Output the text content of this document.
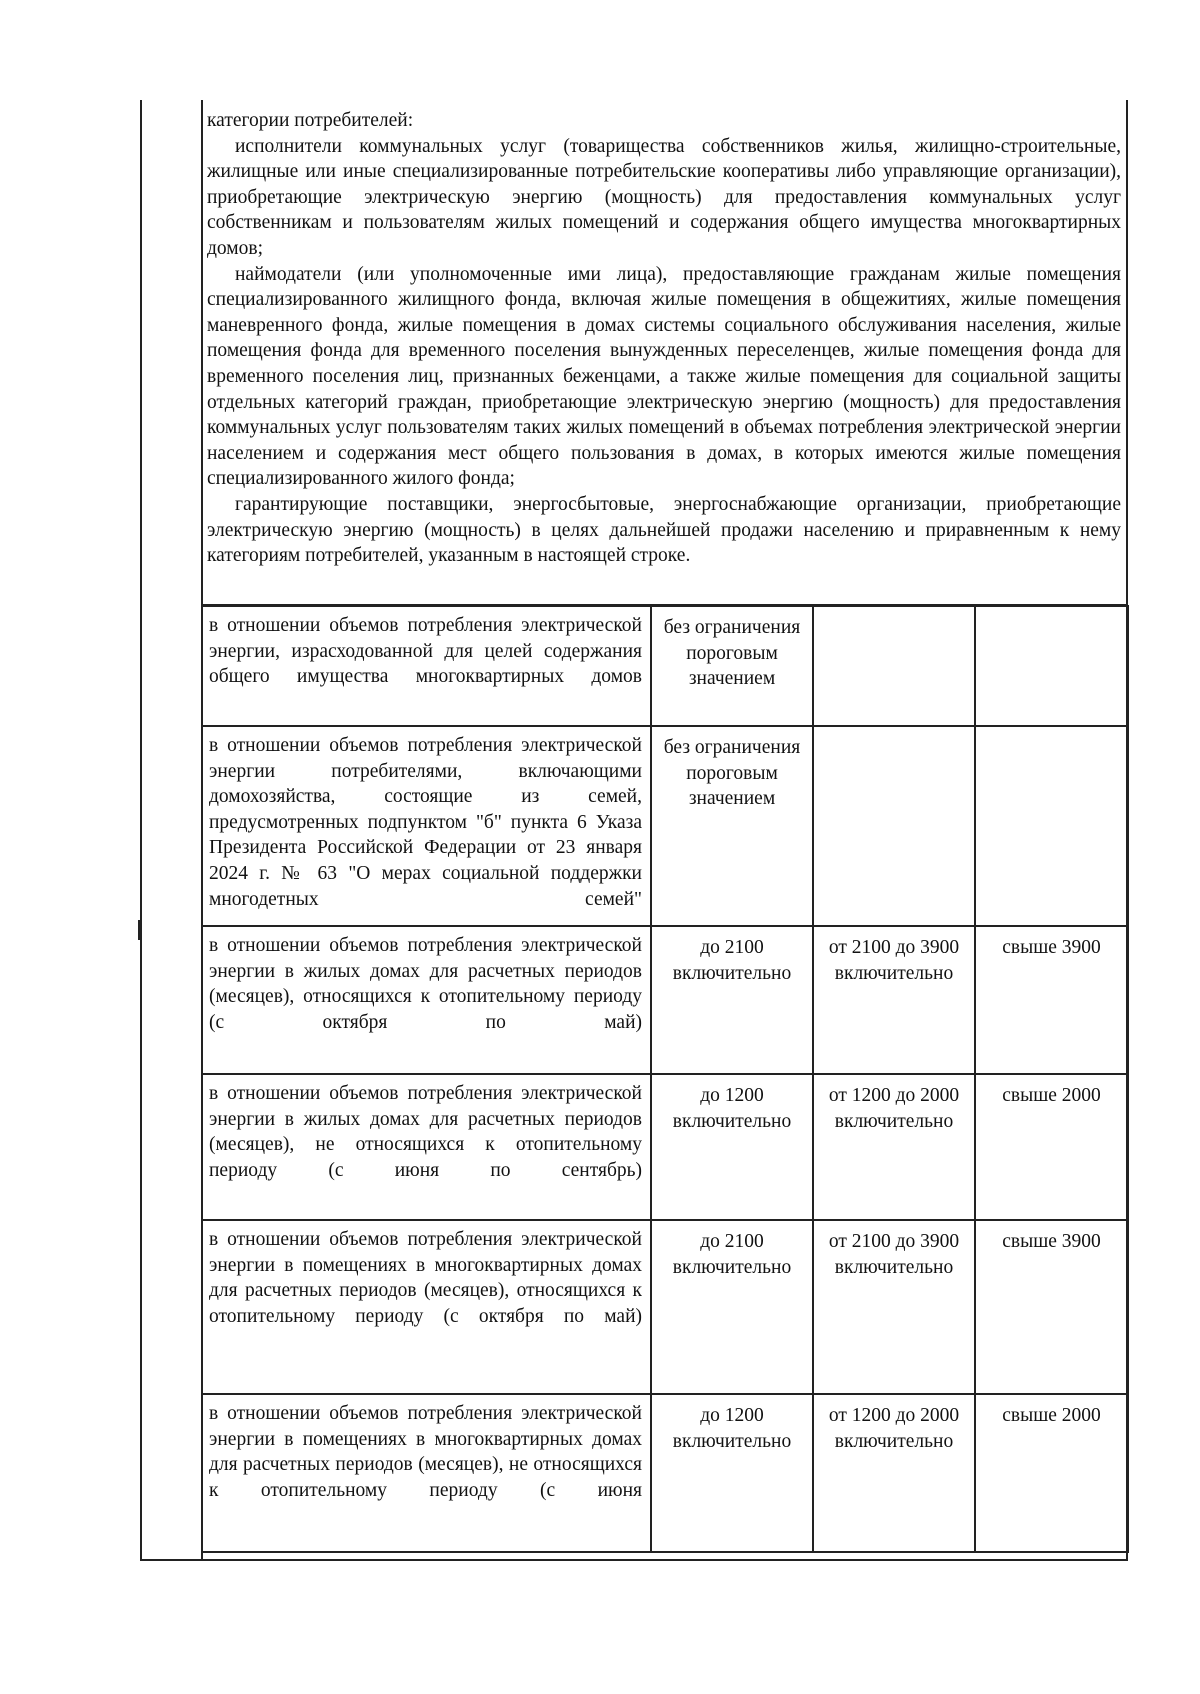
категории потребителей:

исполнители коммунальных услуг (товарищества собственников жилья, жилищно-строительные, жилищные или иные специализированные потребительские кооперативы либо управляющие организации), приобретающие электрическую энергию (мощность) для предоставления коммунальных услуг собственникам и пользователям жилых помещений и содержания общего имущества многоквартирных домов;

наймодатели (или уполномоченные ими лица), предоставляющие гражданам жилые помещения специализированного жилищного фонда, включая жилые помещения в общежитиях, жилые помещения маневренного фонда, жилые помещения в домах системы социального обслуживания населения, жилые помещения фонда для временного поселения вынужденных переселенцев, жилые помещения фонда для временного поселения лиц, признанных беженцами, а также жилые помещения для социальной защиты отдельных категорий граждан, приобретающие электрическую энергию (мощность) для предоставления коммунальных услуг пользователям таких жилых помещений в объемах потребления электрической энергии населением и содержания мест общего пользования в домах, в которых имеются жилые помещения специализированного жилого фонда;

гарантирующие поставщики, энергосбытовые, энергоснабжающие организации, приобретающие электрическую энергию (мощность) в целях дальнейшей продажи населению и приравненным к нему категориям потребителей, указанным в настоящей строке.

в отношении объемов потребления электрической энергии, израсходованной для целей содержания общего имущества многоквартирных домов	без ограничения пороговым значением		
в отношении объемов потребления электрической энергии потребителями, включающими домохозяйства, состоящие из семей, предусмотренных подпунктом "б" пункта 6 Указа Президента Российской Федерации от 23 января 2024 г. № 63 "О мерах социальной поддержки многодетных семей"	без ограничения пороговым значением		
в отношении объемов потребления электрической энергии в жилых домах для расчетных периодов (месяцев), относящихся к отопительному периоду (с октября по май)	до 2100 включительно	от 2100 до 3900 включительно	свыше 3900
в отношении объемов потребления электрической энергии в жилых домах для расчетных периодов (месяцев), не относящихся к отопительному периоду (с июня по сентябрь)	до 1200 включительно	от 1200 до 2000 включительно	свыше 2000
в отношении объемов потребления электрической энергии в помещениях в многоквартирных домах для расчетных периодов (месяцев), относящихся к отопительному периоду (с октября по май)	до 2100 включительно	от 2100 до 3900 включительно	свыше 3900
в отношении объемов потребления электрической энергии в помещениях в многоквартирных домах для расчетных периодов (месяцев), не относящихся к отопительному периоду (с июня	до 1200 включительно	от 1200 до 2000 включительно	свыше 2000
